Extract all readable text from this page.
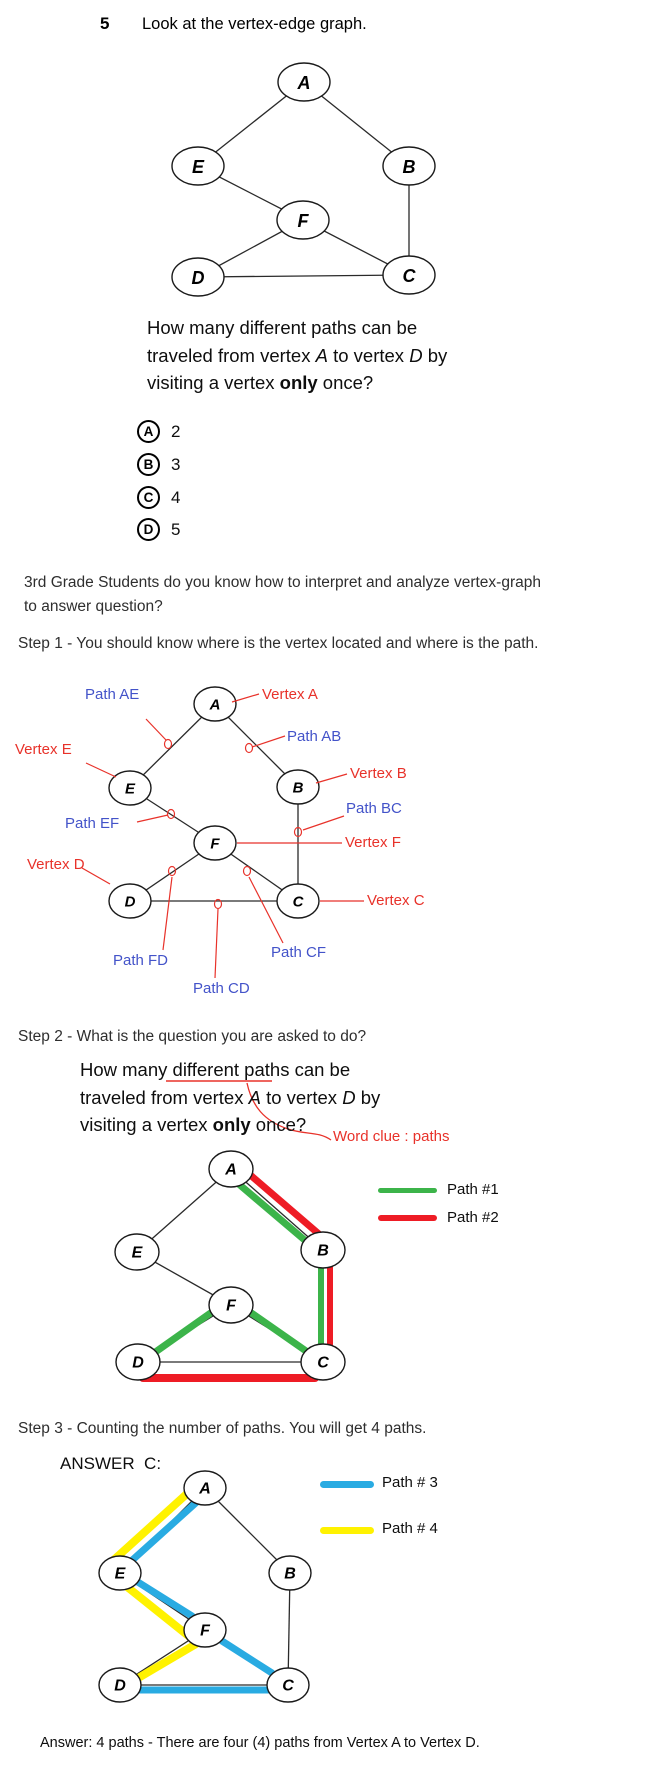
A
E	B
F
D	C
A
E	B
F
D	C
A
E	B
F
D	C
A
E	B
F
D	C
5 Look at the vertex-edge graph.
How many different paths can be
traveled from vertex A to vertex D by
visiting a vertex only once?
A	2
B	3
C	4
D	5
3rd Grade Students do you know how to interpret and analyze vertex-graph
to answer question?
Step 1 - You should know where is the vertex located and where is the path.
Step 2 - What is the question you are asked to do?
Step 3 - Counting the number of paths. You will get 4 paths.
How many different paths can be
traveled from vertex A to vertex D by
visiting a vertex only once?
Word clue : paths
ANSWER  C:
Answer: 4 paths - There are four (4) paths from Vertex A to Vertex D.
Path AE	Vertex A
Path AB
Vertex E
Vertex B
Path BC
Path EF
Vertex F
Vertex D
Vertex C
Path FD	Path CF
Path CD
Path #1
Path #2
Path # 3
Path # 4
